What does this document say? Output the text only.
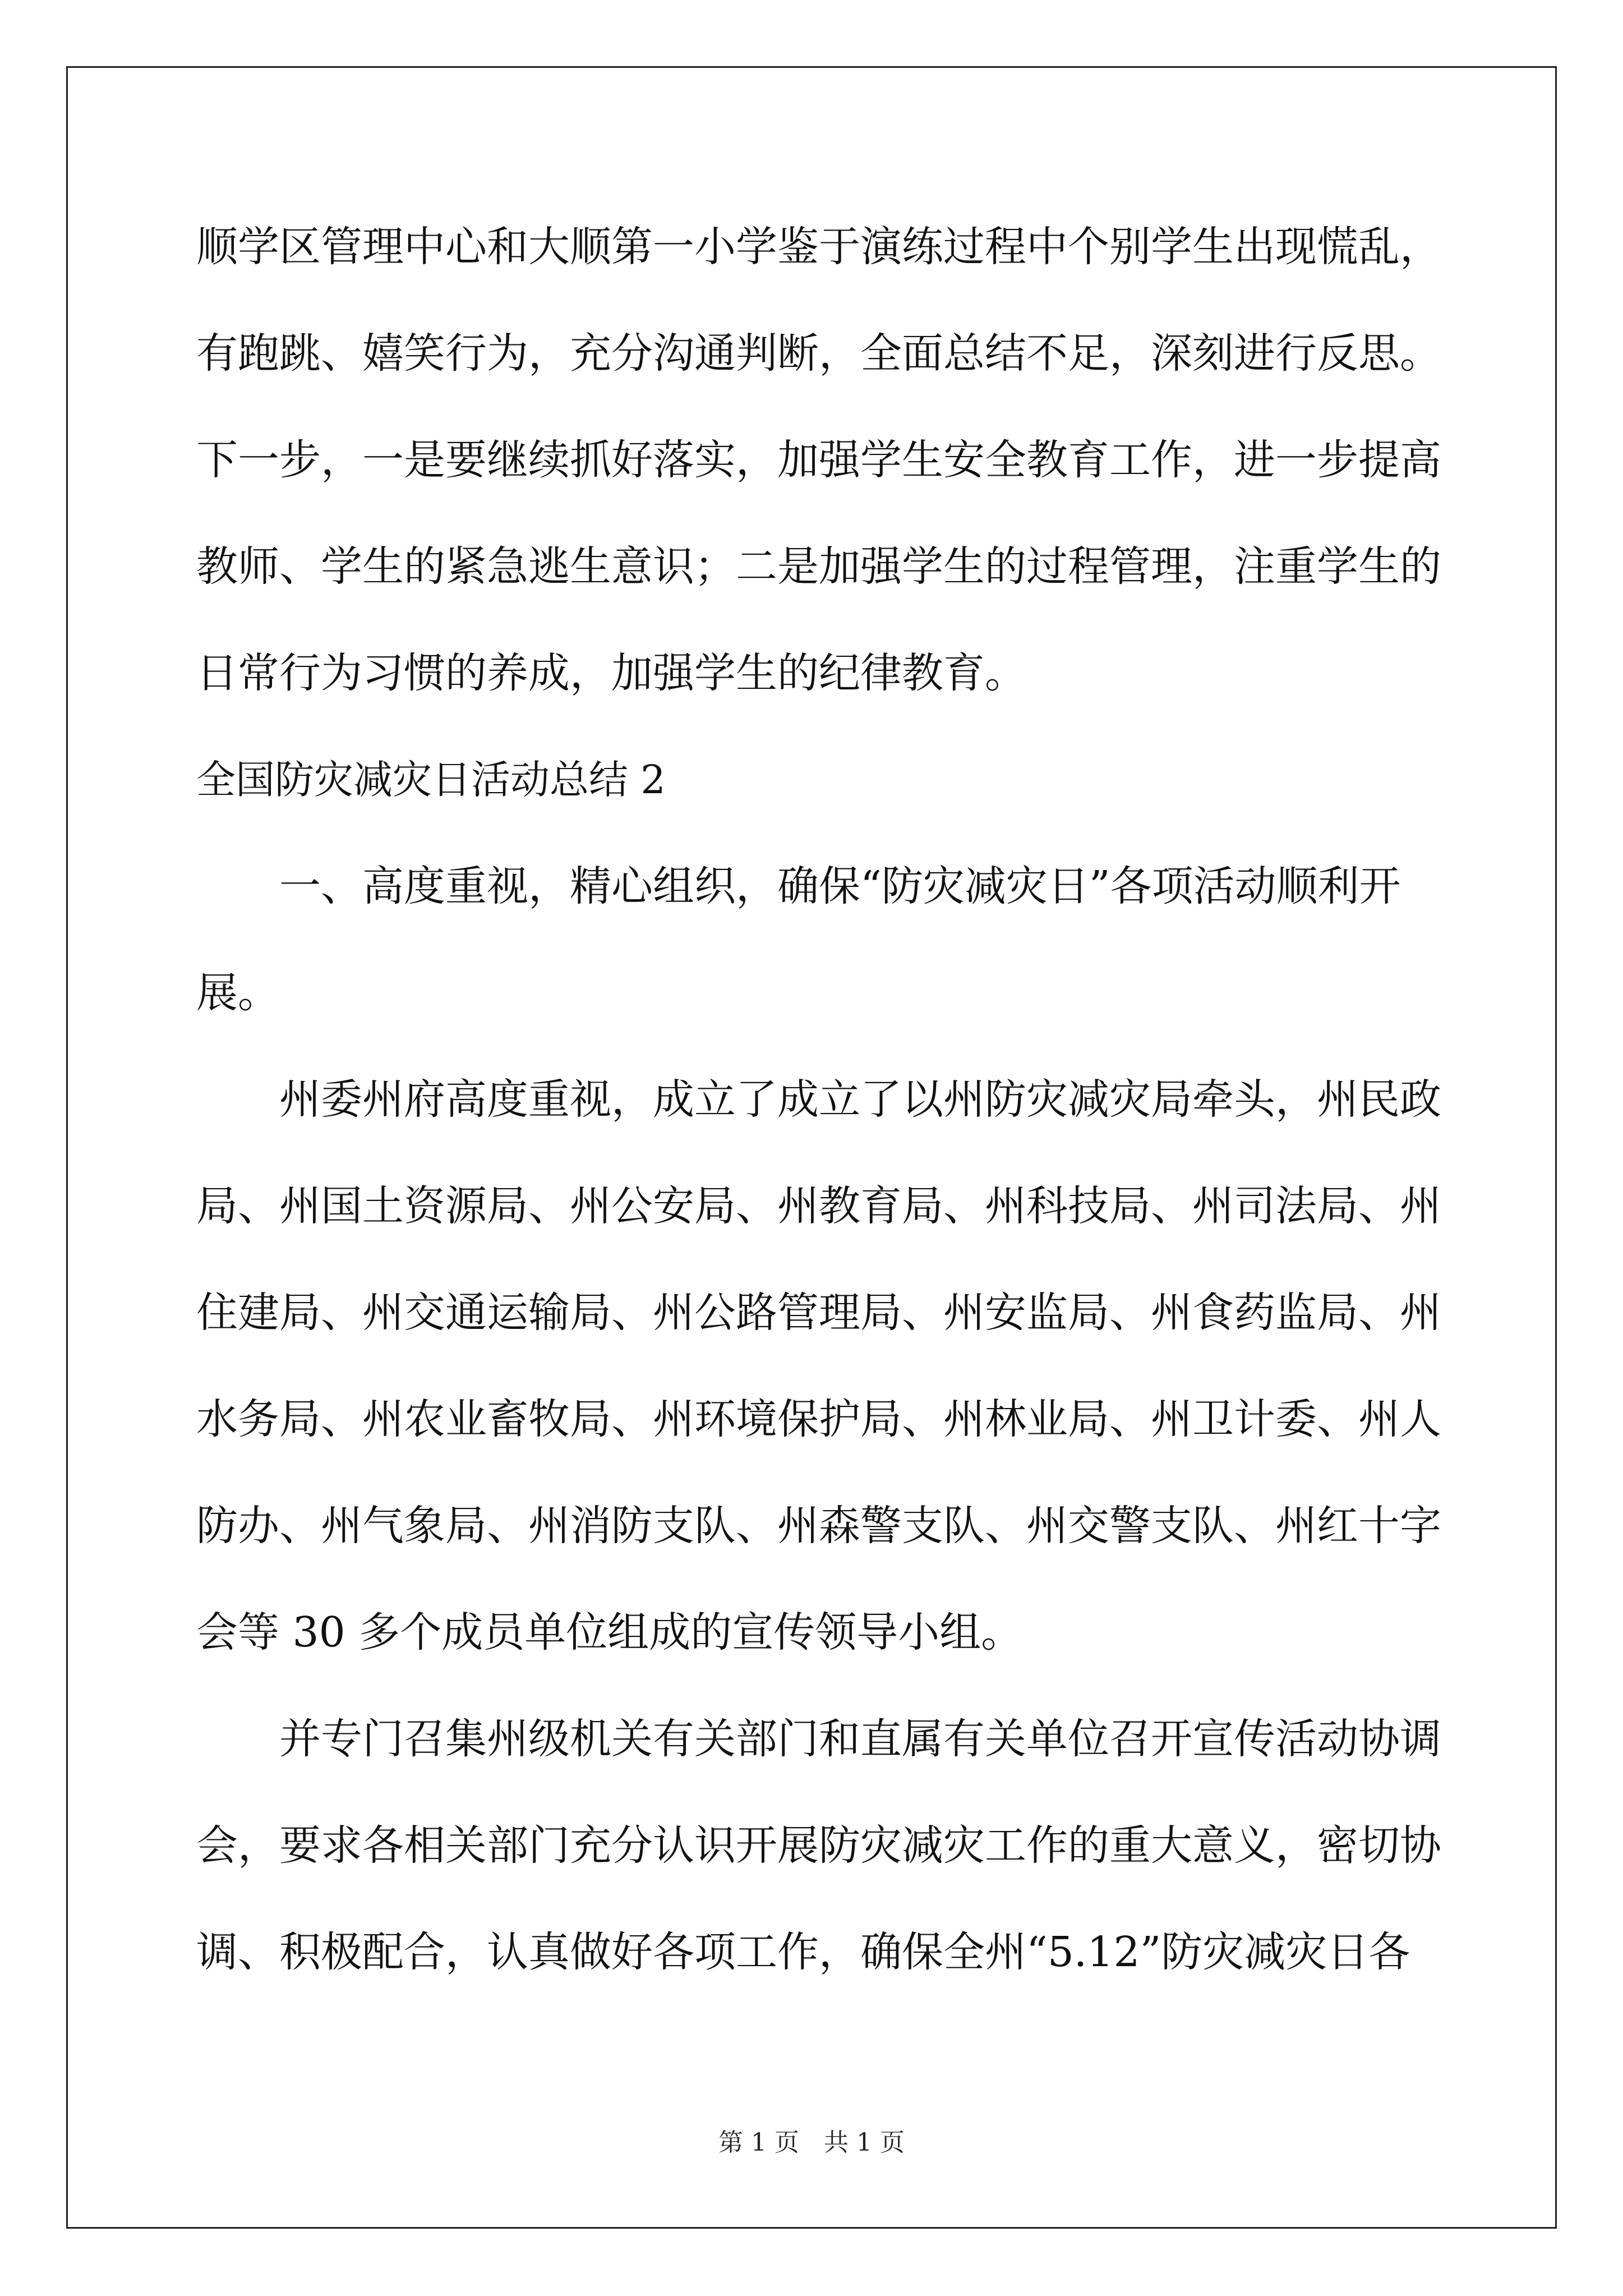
顺学区管理中心和大顺第一小学鉴于演练过程中个别学生出现慌乱，
有跑跳、嬉笑行为，充分沟通判断，全面总结不足，深刻进行反思。
下一步，一是要继续抓好落实，加强学生安全教育工作，进一步提高
教师、学生的紧急逃生意识；二是加强学生的过程管理，注重学生的
日常行为习惯的养成，加强学生的纪律教育。
全国防灾减灾日活动总结 2
　　一、高度重视，精心组织，确保“防灾减灾日”各项活动顺利开
展。
　　州委州府高度重视，成立了成立了以州防灾减灾局牵头，州民政
局、州国土资源局、州公安局、州教育局、州科技局、州司法局、州
住建局、州交通运输局、州公路管理局、州安监局、州食药监局、州
水务局、州农业畜牧局、州环境保护局、州林业局、州卫计委、州人
防办、州气象局、州消防支队、州森警支队、州交警支队、州红十字
会等 30 多个成员单位组成的宣传领导小组。
　　并专门召集州级机关有关部门和直属有关单位召开宣传活动协调
会，要求各相关部门充分认识开展防灾减灾工作的重大意义，密切协
调、积极配合，认真做好各项工作，确保全州“5.12”防灾减灾日各
第 1 页　共 1 页
